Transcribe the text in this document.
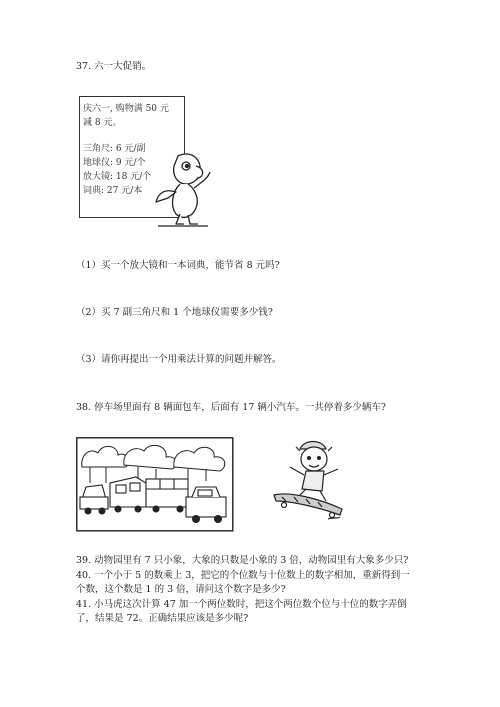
37. 六一大促销。
庆六一, 购物满 50 元
减 8 元。
三角尺: 6 元/副
地球仪: 9 元/个
放大镜: 18 元/个
词典: 27 元/本
（1）买一个放大镜和一本词典，能节省 8 元吗?
（2）买 7 副三角尺和 1 个地球仪需要多少钱?
（3）请你再提出一个用乘法计算的问题并解答。
38. 停车场里面有 8 辆面包车，后面有 17 辆小汽车。一共停着多少辆车?
39. 动物园里有 7 只小象，大象的只数是小象的 3 倍，动物园里有大象多少只?
40. 一个小于 5 的数乘上 3，把它的个位数与十位数上的数字相加，重新得到一
个数，这个数是 1 的 3 倍，请问这个数字是多少?
41. 小马虎这次计算 47 加一个两位数时，把这个两位数个位与十位的数字弄倒
了，结果是 72。正确结果应该是多少呢?
